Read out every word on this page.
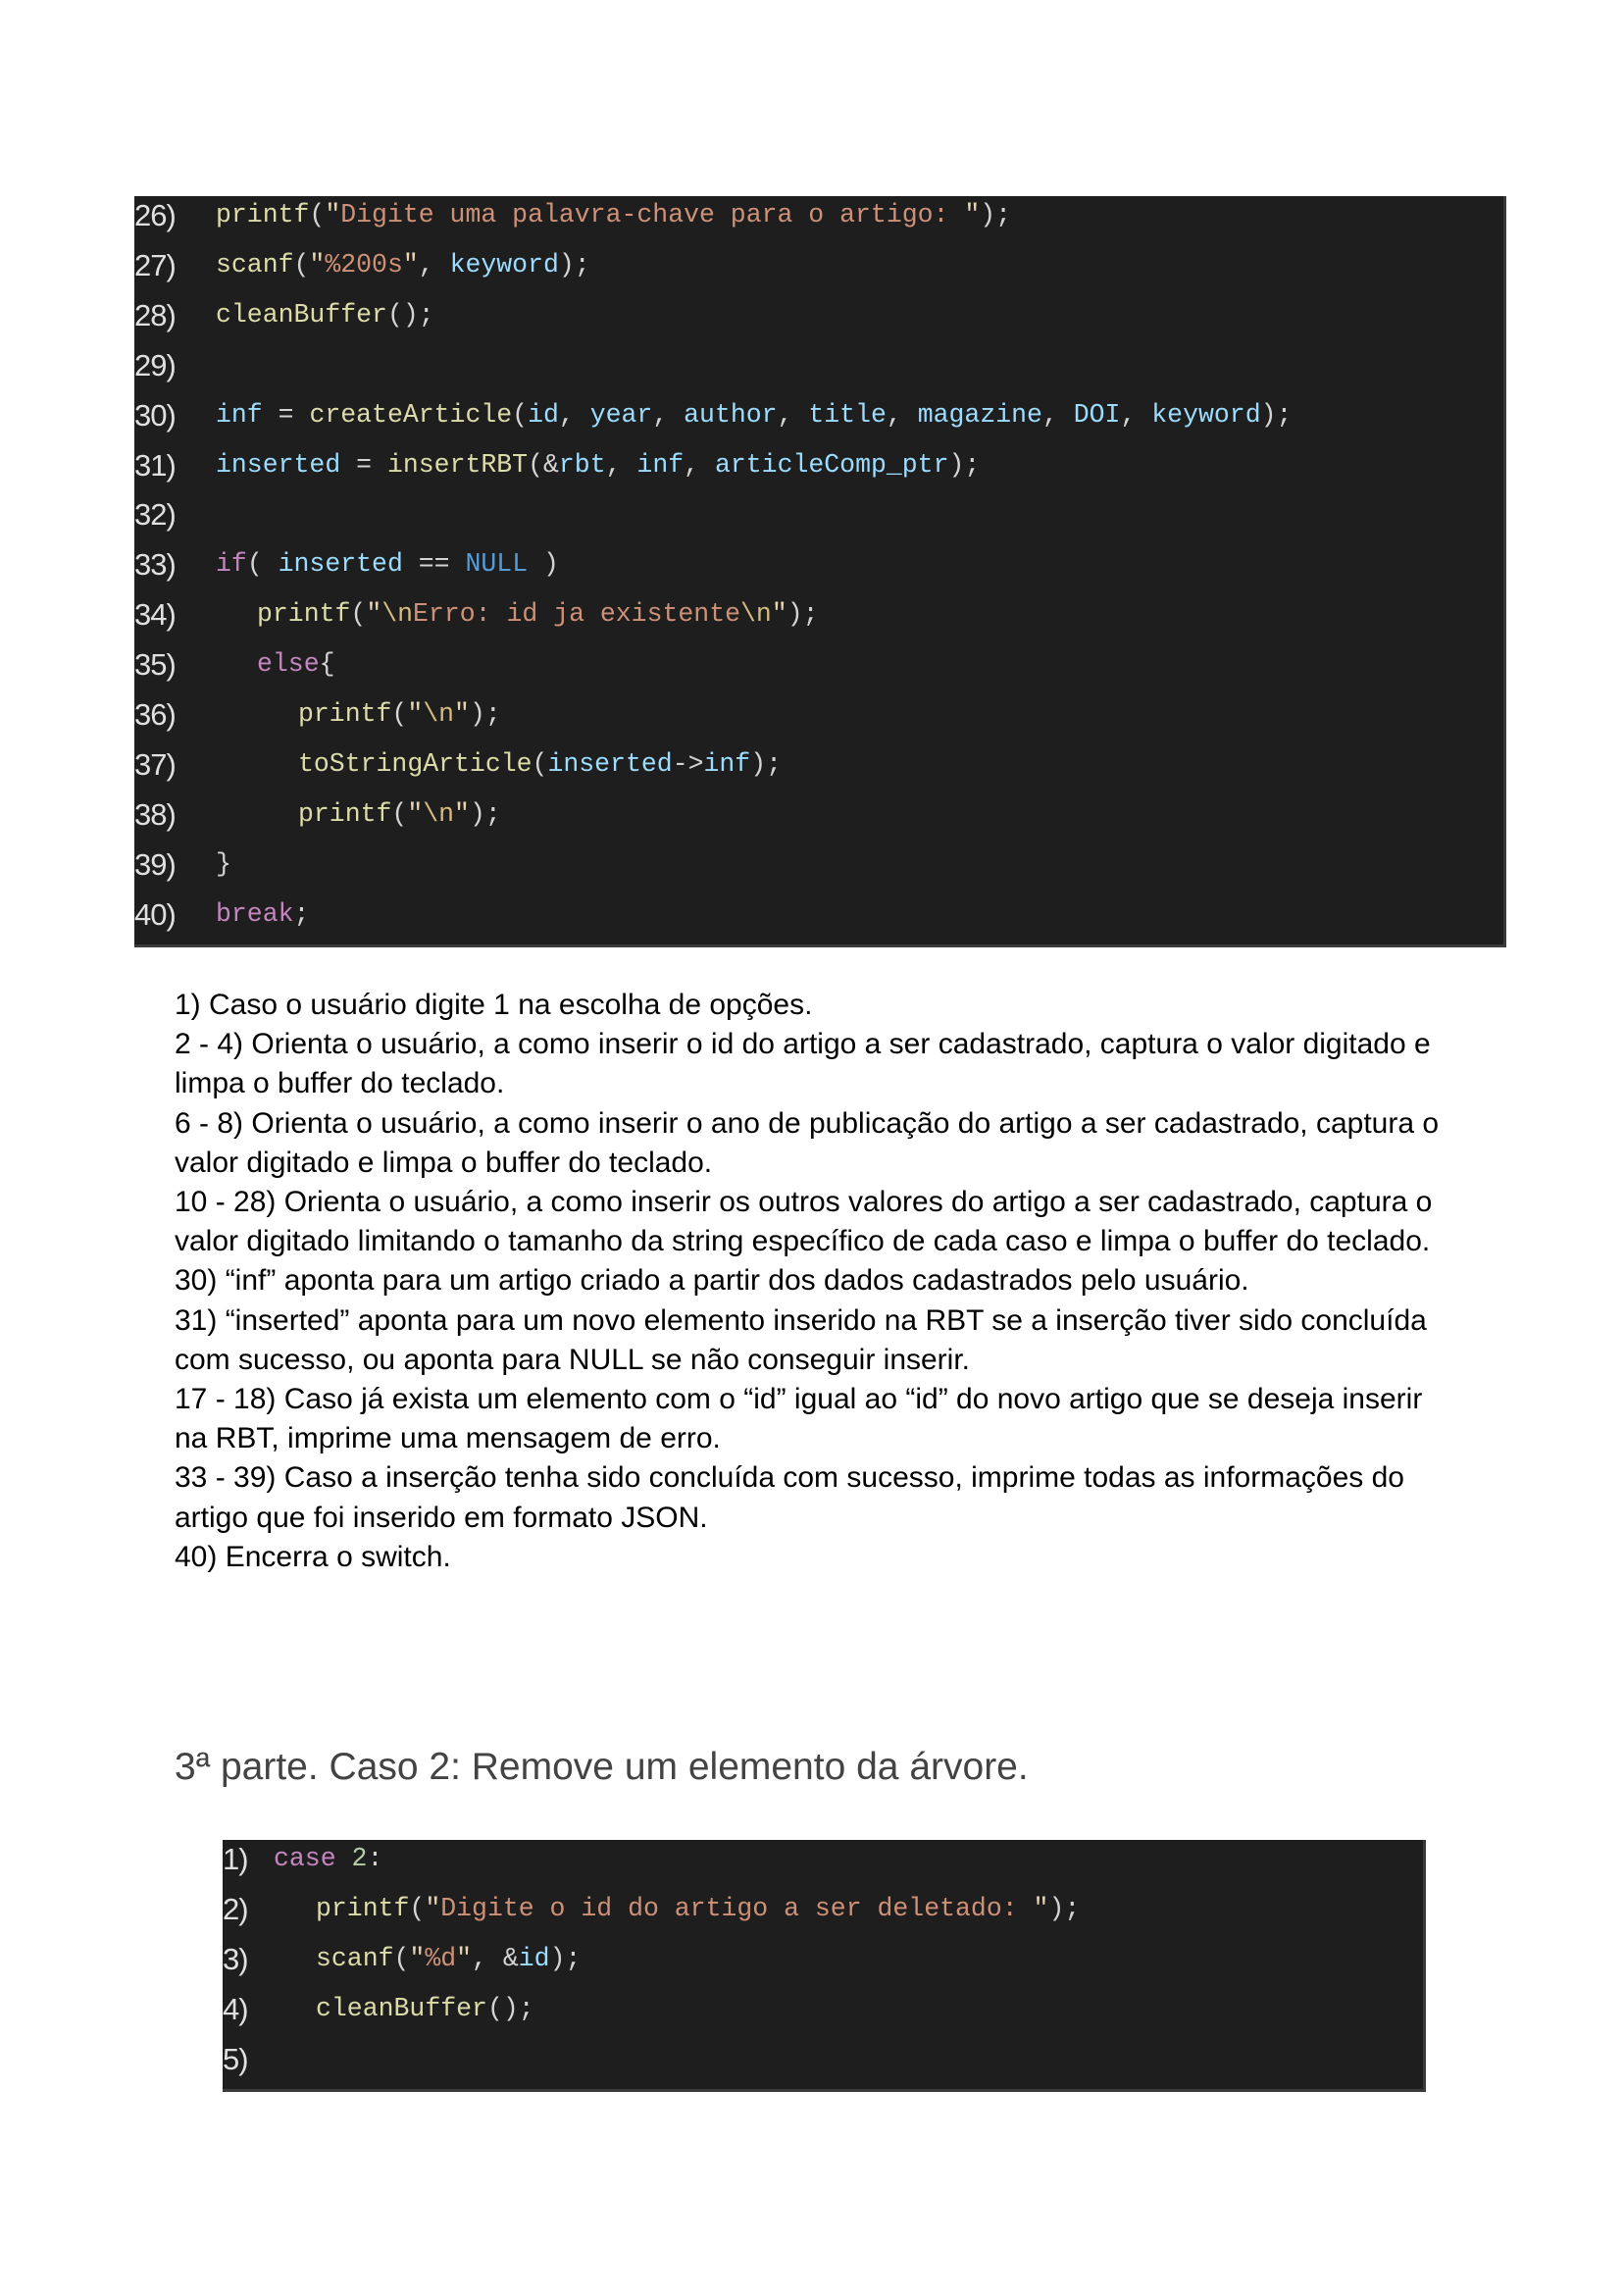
26) printf("Digite uma palavra-chave para o artigo: ");
27) scanf("%200s", keyword);
28) cleanBuffer();
29)
30) inf = createArticle(id, year, author, title, magazine, DOI, keyword);
31) inserted = insertRBT(&rbt, inf, articleComp_ptr);
32)
33) if( inserted == NULL )
34)	printf("\nErro: id ja existente\n");
35)	else{
36)	printf("\n");
37)	toStringArticle(inserted->inf);
38)	printf("\n");
39) }
40) break;

1) Caso o usuário digite 1 na escolha de opções.

2 - 4) Orienta o usuário, a como inserir o id do artigo a ser cadastrado, captura o valor digitado e limpa o buffer do teclado.

6 - 8) Orienta o usuário, a como inserir o ano de publicação do artigo a ser cadastrado, captura o valor digitado e limpa o buffer do teclado.

10 - 28) Orienta o usuário, a como inserir os outros valores do artigo a ser cadastrado, captura o valor digitado limitando o tamanho da string específico de cada caso e limpa o buffer do teclado.

30) “inf” aponta para um artigo criado a partir dos dados cadastrados pelo usuário.

31) “inserted” aponta para um novo elemento inserido na RBT se a inserção tiver sido concluída com sucesso, ou aponta para NULL se não conseguir inserir.

17 - 18) Caso já exista um elemento com o “id” igual ao “id” do novo artigo que se deseja inserir na RBT, imprime uma mensagem de erro.

33 - 39) Caso a inserção tenha sido concluída com sucesso, imprime todas as informações do artigo que foi inserido em formato JSON.

40) Encerra o switch.

3ª parte. Caso 2: Remove um elemento da árvore.
1) case 2:
2)	printf("Digite o id do artigo a ser deletado: ");
3)	scanf("%d", &id);
4)	cleanBuffer();
5)
